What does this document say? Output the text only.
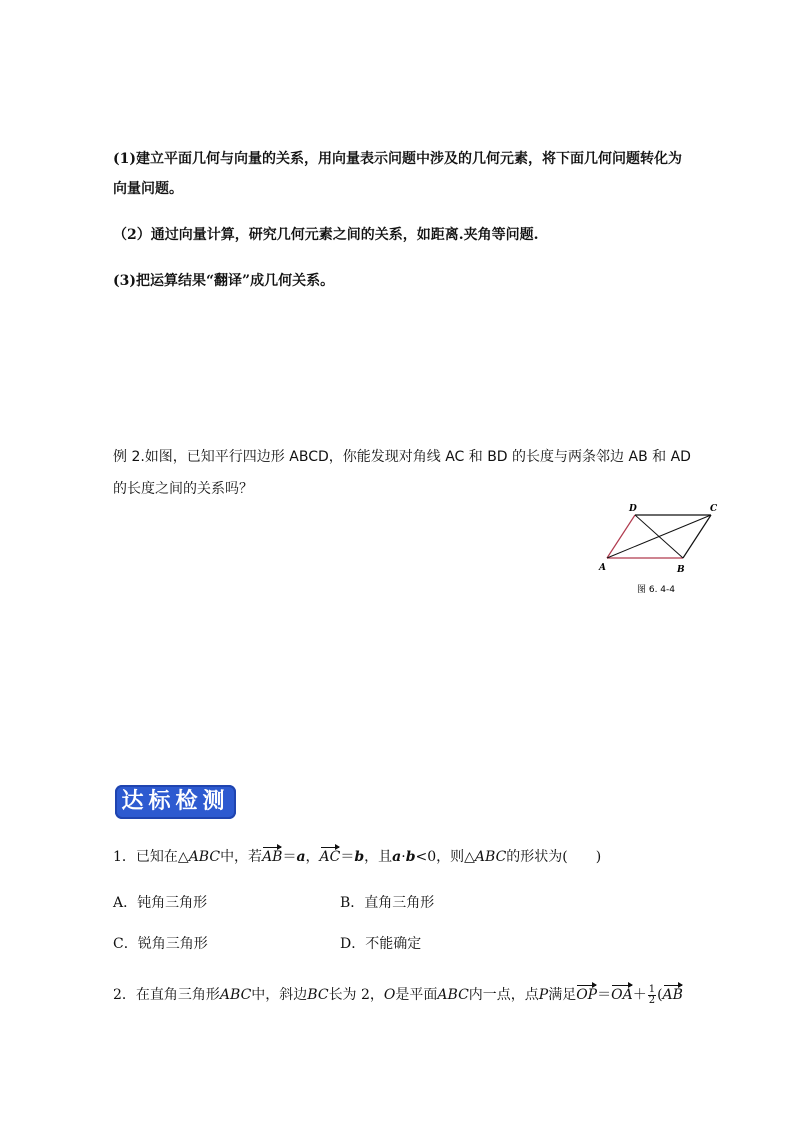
(1)建立平面几何与向量的关系，用向量表示问题中涉及的几何元素，将下面几何问题转化为
向量问题。
（2）通过向量计算，研究几何元素之间的关系，如距离.夹角等问题.
(3)把运算结果“翻译”成几何关系。
例 2.如图，已知平行四边形 ABCD，你能发现对角线 AC 和 BD 的长度与两条邻边 AB 和 AD
的长度之间的关系吗？
A	B
C
D
图 6. 4-4
达标检测
1．已知在△ABC中，若AB＝a，AC＝b，且a·b<0，则△ABC的形状为(　　)
A．钝角三角形	B．直角三角形
C．锐角三角形	D．不能确定
2．在直角三角形ABC中，斜边BC长为 2，O是平面ABC内一点，点P满足$OP=OA+ \frac{1}{2} (AB$
